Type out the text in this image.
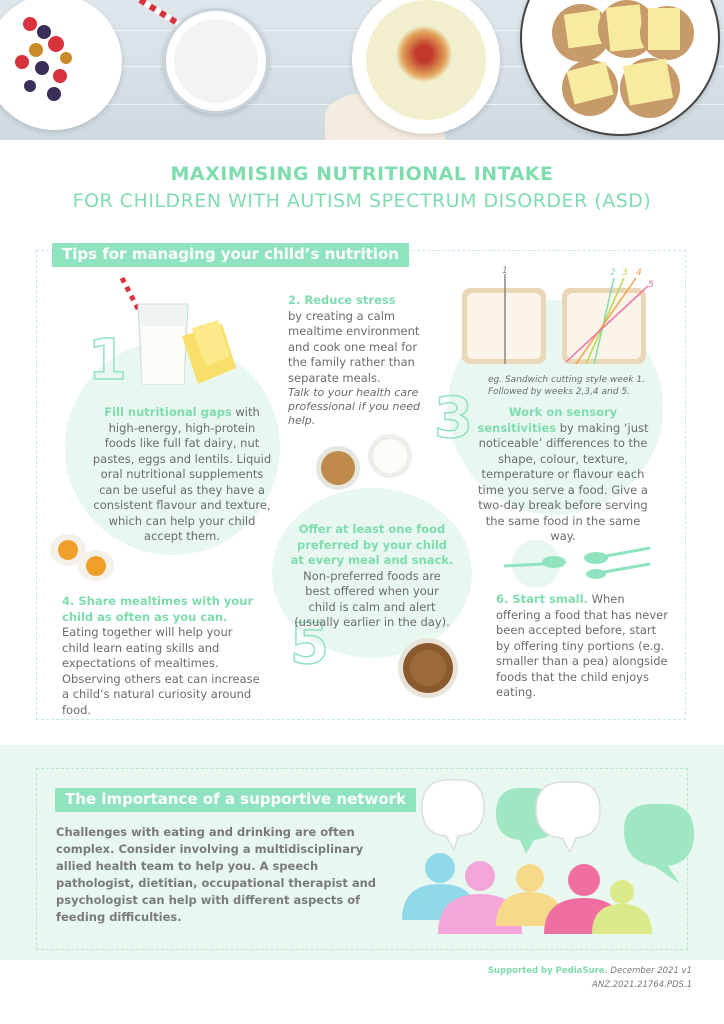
MAXIMISING NUTRITIONAL INTAKE
FOR CHILDREN WITH AUTISM SPECTRUM DISORDER (ASD)
Tips for managing your child’s nutrition
1
Fill nutritional gaps with high-energy, high-protein foods like full fat dairy, nut pastes, eggs and lentils. Liquid oral nutritional supplements can be useful as they have a consistent flavour and texture, which can help your child accept them.
2. Reduce stress
by creating a calm mealtime environment and cook one meal for the family rather than separate meals.
Talk to your health care professional if you need help.
1	2 3 4
5
eg. Sandwich cutting style week 1. Followed by weeks 2,3,4 and 5.
3	Work on sensory sensitivities by making ‘just noticeable’ differences to the shape, colour, texture, temperature or flavour each time you serve a food. Give a two-day break before serving the same food in the same way.
5
Offer at least one food preferred by your child at every meal and snack. Non-preferred foods are best offered when your child is calm and alert (usually earlier in the day).
4. Share mealtimes with your child as often as you can. Eating together will help your child learn eating skills and expectations of mealtimes. Observing others eat can increase a child’s natural curiosity around food.
6. Start small. When offering a food that has never been accepted before, start by offering tiny portions (e.g. smaller than a pea) alongside foods that the child enjoys eating.
The importance of a supportive network
Challenges with eating and drinking are often complex. Consider involving a multidisciplinary allied health team to help you. A speech pathologist, dietitian, occupational therapist and psychologist can help with different aspects of feeding difficulties.
Supported by PediaSure. December 2021 v1
ANZ.2021.21764.PDS.1
